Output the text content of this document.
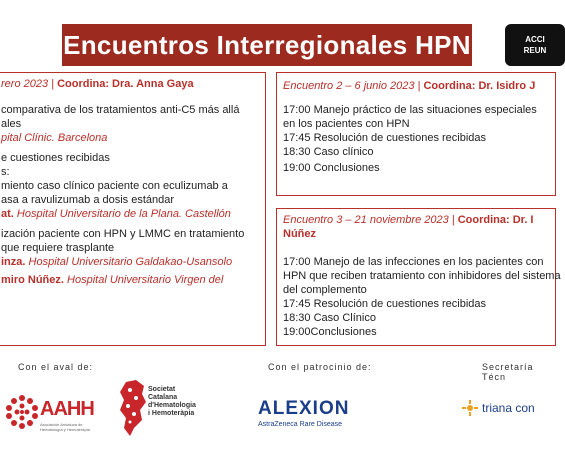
Encuentros Interregionales HPN	ACCI
REUN
rero 2023 | Coordina: Dra. Anna Gaya
comparativa de los tratamientos anti-C5 más allá
ales
pital Clínic. Barcelona
e cuestiones recibidas
s:
miento caso clínico paciente con eculizumab a
asa a ravulizumab a dosis estándar
at. Hospital Universitario de la Plana. Castellón
ización paciente con HPN y LMMC en tratamiento
que requiere trasplante
inza. Hospital Universitario Galdakao-Usansolo
miro Núñez. Hospital Universitario Virgen del
Encuentro 2 – 6 junio 2023 | Coordina: Dr. Isidro J
17:00 Manejo práctico de las situaciones especiales
en los pacientes con HPN
17:45 Resolución de cuestiones recibidas
18:30 Caso clínico
19:00 Conclusiones
Encuentro 3 – 21 noviembre 2023 | Coordina: Dr. I
Núñez
17:00 Manejo de las infecciones en los pacientes con
HPN que reciben tratamiento con inhibidores del sistema
del complemento
17:45 Resolución de cuestiones recibidas
18:30 Caso Clínico
19:00Conclusiones
Con el aval de:	Con el patrocinio de:	Secretaría Técn
AAHH
Asociación Andaluza de Hematología y Hemoterapia
Societat
Catalana
d'Hematologia
i Hemoteràpia	ALEXION
AstraZeneca Rare Disease
triana con
